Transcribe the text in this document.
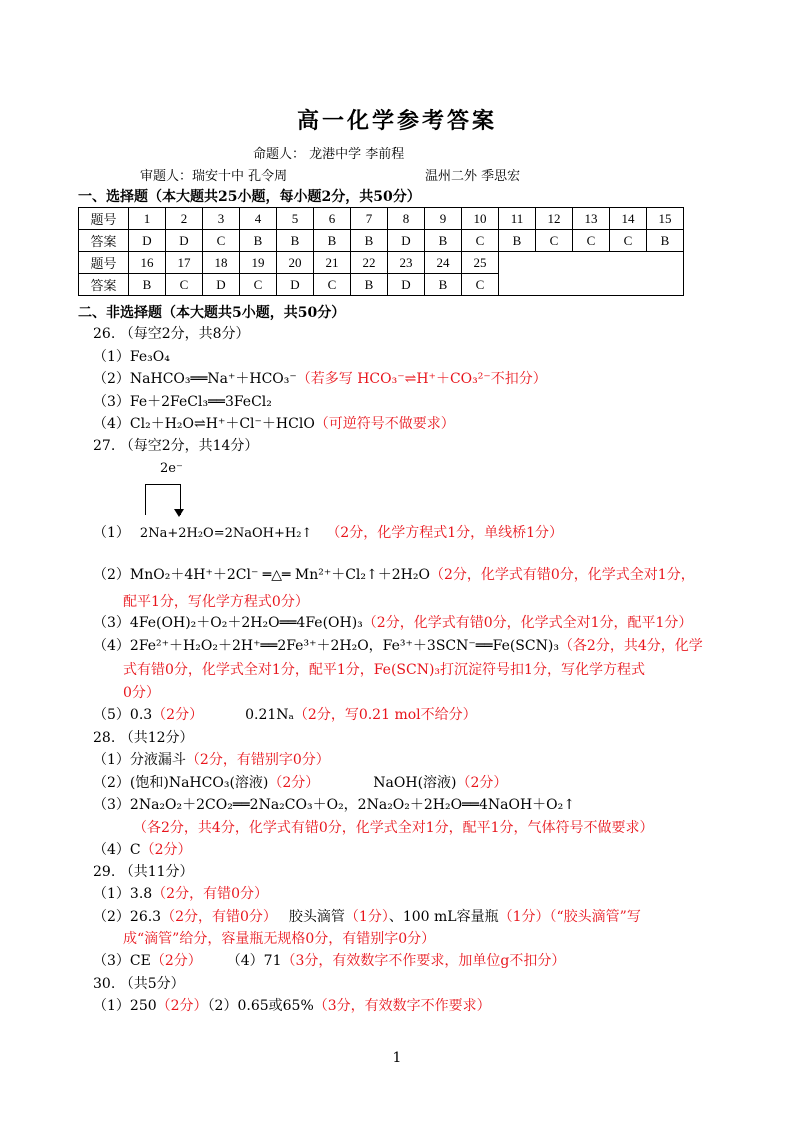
高一化学参考答案
命题人： 龙港中学 李前程
审题人：瑞安十中 孔令周	温州二外 季思宏
一、选择题（本大题共25小题，每小题2分，共50分）
题号	1	2	3	4	5	6	7	8	9	10	11	12	13	14	15
答案	D	D	C	B	B	B	B	D	B	C	B	C	C	C	B
题号	16	17	18	19	20	21	22	23	24	25					
答案	B	C	D	C	D	C	B	D	B	C					
二、非选择题（本大题共5小题，共50分）
26. （每空2分，共8分）
（1）Fe₃O₄
（2）NaHCO₃══Na⁺＋HCO₃⁻（若多写 HCO₃⁻⇌H⁺＋CO₃²⁻不扣分）
（3）Fe＋2FeCl₃══3FeCl₂
（4）Cl₂＋H₂O⇌H⁺＋Cl⁻＋HClO（可逆符号不做要求）
27. （每空2分，共14分）
2e⁻
（1） 2Na+2H₂O=2NaOH+H₂↑ （2分，化学方程式1分，单线桥1分）
（2）MnO₂＋4H⁺＋2Cl⁻ ═△═ Mn²⁺＋Cl₂↑＋2H₂O（2分，化学式有错0分，化学式全对1分，
配平1分，写化学方程式0分）
（3）4Fe(OH)₂＋O₂＋2H₂O══4Fe(OH)₃（2分，化学式有错0分，化学式全对1分，配平1分）
（4）2Fe²⁺＋H₂O₂＋2H⁺══2Fe³⁺＋2H₂O，Fe³⁺＋3SCN⁻══Fe(SCN)₃（各2分，共4分，化学
式有错0分，化学式全对1分，配平1分，Fe(SCN)₃打沉淀符号扣1分，写化学方程式
0分）
（5）0.3（2分）	0.21Nₐ（2分，写0.21 mol不给分）
28. （共12分）
（1）分液漏斗（2分，有错别字0分）
（2）(饱和)NaHCO₃(溶液)（2分）	NaOH(溶液)（2分）
（3）2Na₂O₂＋2CO₂══2Na₂CO₃＋O₂，2Na₂O₂＋2H₂O══4NaOH＋O₂↑
（各2分，共4分，化学式有错0分，化学式全对1分，配平1分，气体符号不做要求）
（4）C（2分）
29. （共11分）
（1）3.8（2分，有错0分）
（2）26.3（2分，有错0分） 胶头滴管（1分）、100 mL容量瓶（1分）（“胶头滴管”写
成“滴管”给分，容量瓶无规格0分，有错别字0分）
（3）CE（2分） （4）71（3分，有效数字不作要求，加单位g不扣分）
30. （共5分）
（1）250（2分）（2）0.65或65%（3分，有效数字不作要求）
1
